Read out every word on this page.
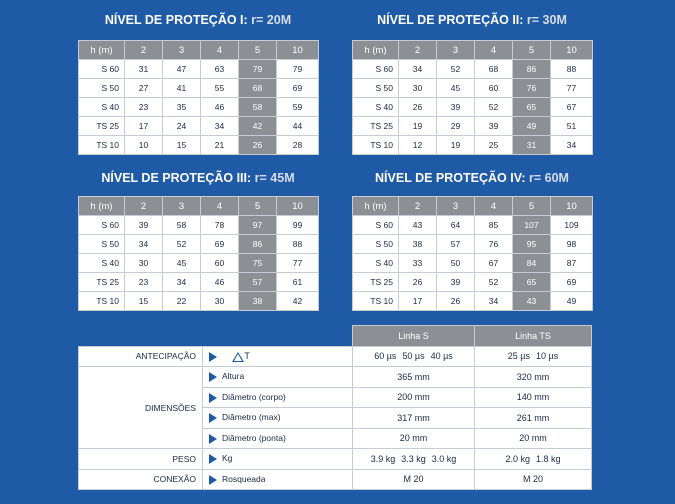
NÍVEL DE PROTEÇÃO I: r= 20M	NÍVEL DE PROTEÇÃO II: r= 30M
NÍVEL DE PROTEÇÃO III: r= 45M	NÍVEL DE PROTEÇÃO IV: r= 60M
h (m)	2	3	4	5	10
S 60	31	47	63	79	79
S 50	27	41	55	68	69
S 40	23	35	46	58	59
TS 25	17	24	34	42	44
TS 10	10	15	21	26	28
h (m)	2	3	4	5	10
S 60	34	52	68	86	88
S 50	30	45	60	76	77
S 40	26	39	52	65	67
TS 25	19	29	39	49	51
TS 10	12	19	25	31	34
h (m)	2	3	4	5	10
S 60	39	58	78	97	99
S 50	34	52	69	86	88
S 40	30	45	60	75	77
TS 25	23	34	46	57	61
TS 10	15	22	30	38	42
h (m)	2	3	4	5	10
S 60	43	64	85	107	109
S 50	38	57	76	95	98
S 40	33	50	67	84	87
TS 25	26	39	52	65	69
TS 10	17	26	34	43	49
		Linha S	Linha TS
ANTECIPAÇÃO	T	60 µs 50 µs 40 µs	25 µs 10 µs
DIMENSÕES	Altura	365 mm	320 mm
	Diâmetro (corpo)	200 mm	140 mm
	Diâmetro (max)	317 mm	261 mm
	Diâmetro (ponta)	20 mm	20 mm
PESO	Kg	3.9 kg 3.3 kg 3.0 kg	2.0 kg 1.8 kg
CONEXÃO	Rosqueada	M 20	M 20
